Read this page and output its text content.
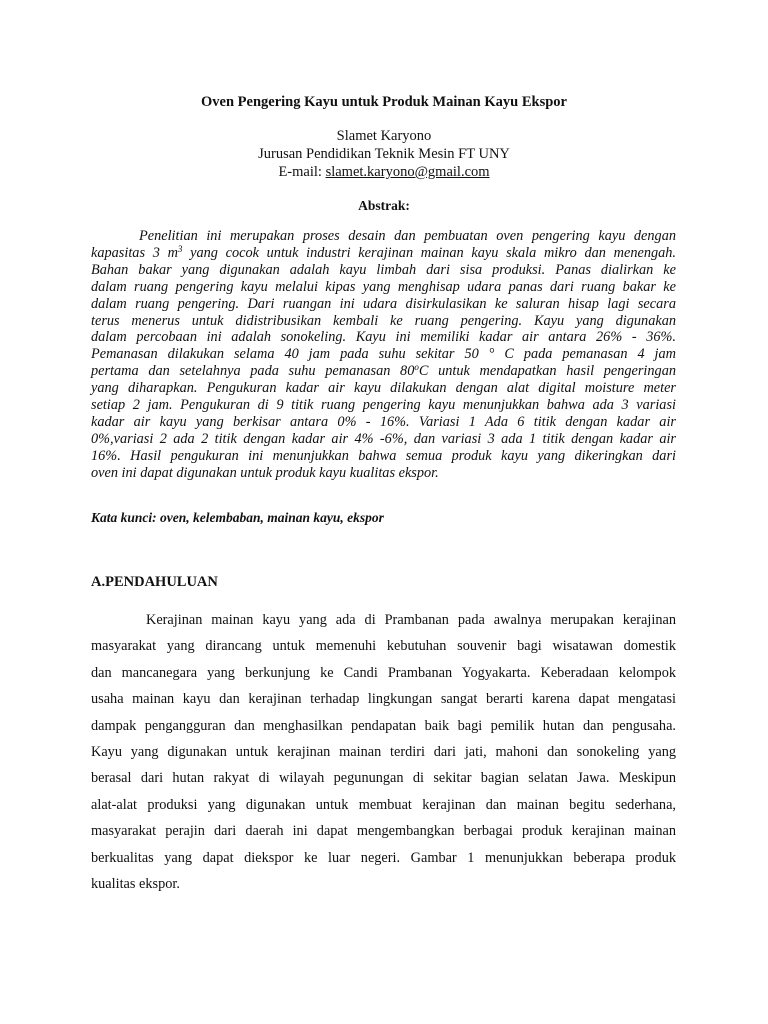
Oven Pengering Kayu untuk Produk Mainan Kayu Ekspor
Slamet Karyono
Jurusan Pendidikan Teknik Mesin FT UNY
E-mail: slamet.karyono@gmail.com
Abstrak:
Penelitian ini merupakan proses desain dan pembuatan oven pengering kayu dengan
kapasitas 3 $m^3$ yang cocok untuk industri kerajinan mainan kayu skala mikro dan menengah.
Bahan bakar yang digunakan adalah kayu limbah dari sisa produksi. Panas dialirkan ke
dalam ruang pengering kayu melalui kipas yang menghisap udara panas dari ruang bakar ke
dalam ruang pengering. Dari ruangan ini udara disirkulasikan ke saluran hisap lagi secara
terus menerus untuk didistribusikan kembali ke ruang pengering. Kayu yang digunakan
dalam percobaan ini adalah sonokeling. Kayu ini memiliki kadar air antara 26% - 36%.
Pemanasan dilakukan selama 40 jam pada suhu sekitar 50 ° C pada pemanasan 4 jam
pertama dan setelahnya pada suhu pemanasan 80$^o$C untuk mendapatkan hasil pengeringan
yang diharapkan. Pengukuran kadar air kayu dilakukan dengan alat digital moisture meter
setiap 2 jam. Pengukuran di 9 titik ruang pengering kayu menunjukkan bahwa ada 3 variasi
kadar air kayu yang berkisar antara 0% - 16%. Variasi 1 Ada 6 titik dengan kadar air
0%,variasi 2 ada 2 titik dengan kadar air 4% -6%, dan variasi 3 ada 1 titik dengan kadar air
16%. Hasil pengukuran ini menunjukkan bahwa semua produk kayu yang dikeringkan dari
oven ini dapat digunakan untuk produk kayu kualitas ekspor.
Kata kunci: oven, kelembaban, mainan kayu, ekspor
A.PENDAHULUAN
Kerajinan mainan kayu yang ada di Prambanan pada awalnya merupakan kerajinan
masyarakat yang dirancang untuk memenuhi kebutuhan souvenir bagi wisatawan domestik
dan mancanegara yang berkunjung ke Candi Prambanan Yogyakarta. Keberadaan kelompok
usaha mainan kayu dan kerajinan terhadap lingkungan sangat berarti karena dapat mengatasi
dampak pengangguran dan menghasilkan pendapatan baik bagi pemilik hutan dan pengusaha.
Kayu yang digunakan untuk kerajinan mainan terdiri dari jati, mahoni dan sonokeling yang
berasal dari hutan rakyat di wilayah pegunungan di sekitar bagian selatan Jawa. Meskipun
alat-alat produksi yang digunakan untuk membuat kerajinan dan mainan begitu sederhana,
masyarakat perajin dari daerah ini dapat mengembangkan berbagai produk kerajinan mainan
berkualitas yang dapat diekspor ke luar negeri. Gambar 1 menunjukkan beberapa produk
kualitas ekspor.
